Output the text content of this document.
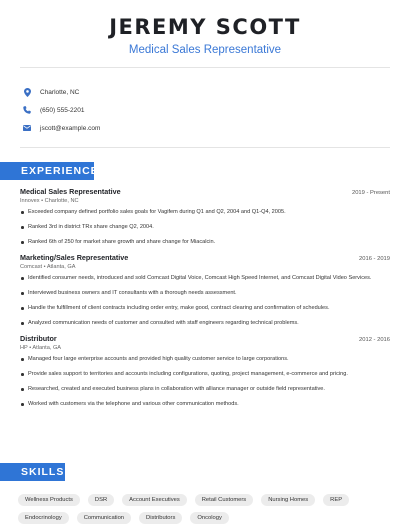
JEREMY SCOTT
Medical Sales Representative
Charlotte, NC
(650) 555-2201
jscott@example.com
EXPERIENCE
Medical Sales Representative	2019 - Present
Innovex • Charlotte, NC
Exceeded company defined portfolio sales goals for Vagifem during Q1 and Q2, 2004 and Q1-Q4, 2005.
Ranked 3rd in district TRx share change Q2, 2004.
Ranked 6th of 250 for market share growth and share change for Miacalcin.
Marketing/Sales Representative	2016 - 2019
Comcast • Atlanta, GA
Identified consumer needs, introduced and sold Comcast Digital Voice, Comcast High Speed Internet, and Comcast Digital Video Services.
Interviewed business owners and IT consultants with a thorough needs assessment.
Handle the fulfillment of client contracts including order entry, make good, contract clearing and confirmation of schedules.
Analyzed communication needs of customer and consulted with staff engineers regarding technical problems.
Distributor	2012 - 2016
HP • Atlanta, GA
Managed four large enterprise accounts and provided high quality customer service to large corporations.
Provide sales support to territories and accounts including configurations, quoting, project management, e-commerce and pricing.
Researched, created and executed business plans in collaboration with alliance manager or outside field representative.
Worked with customers via the telephone and various other communication methods.
SKILLS
Wellness Products	DSR	Account Executives	Retail Customers	Nursing Homes	REP
Endocrinology	Communication	Distributors	Oncology
